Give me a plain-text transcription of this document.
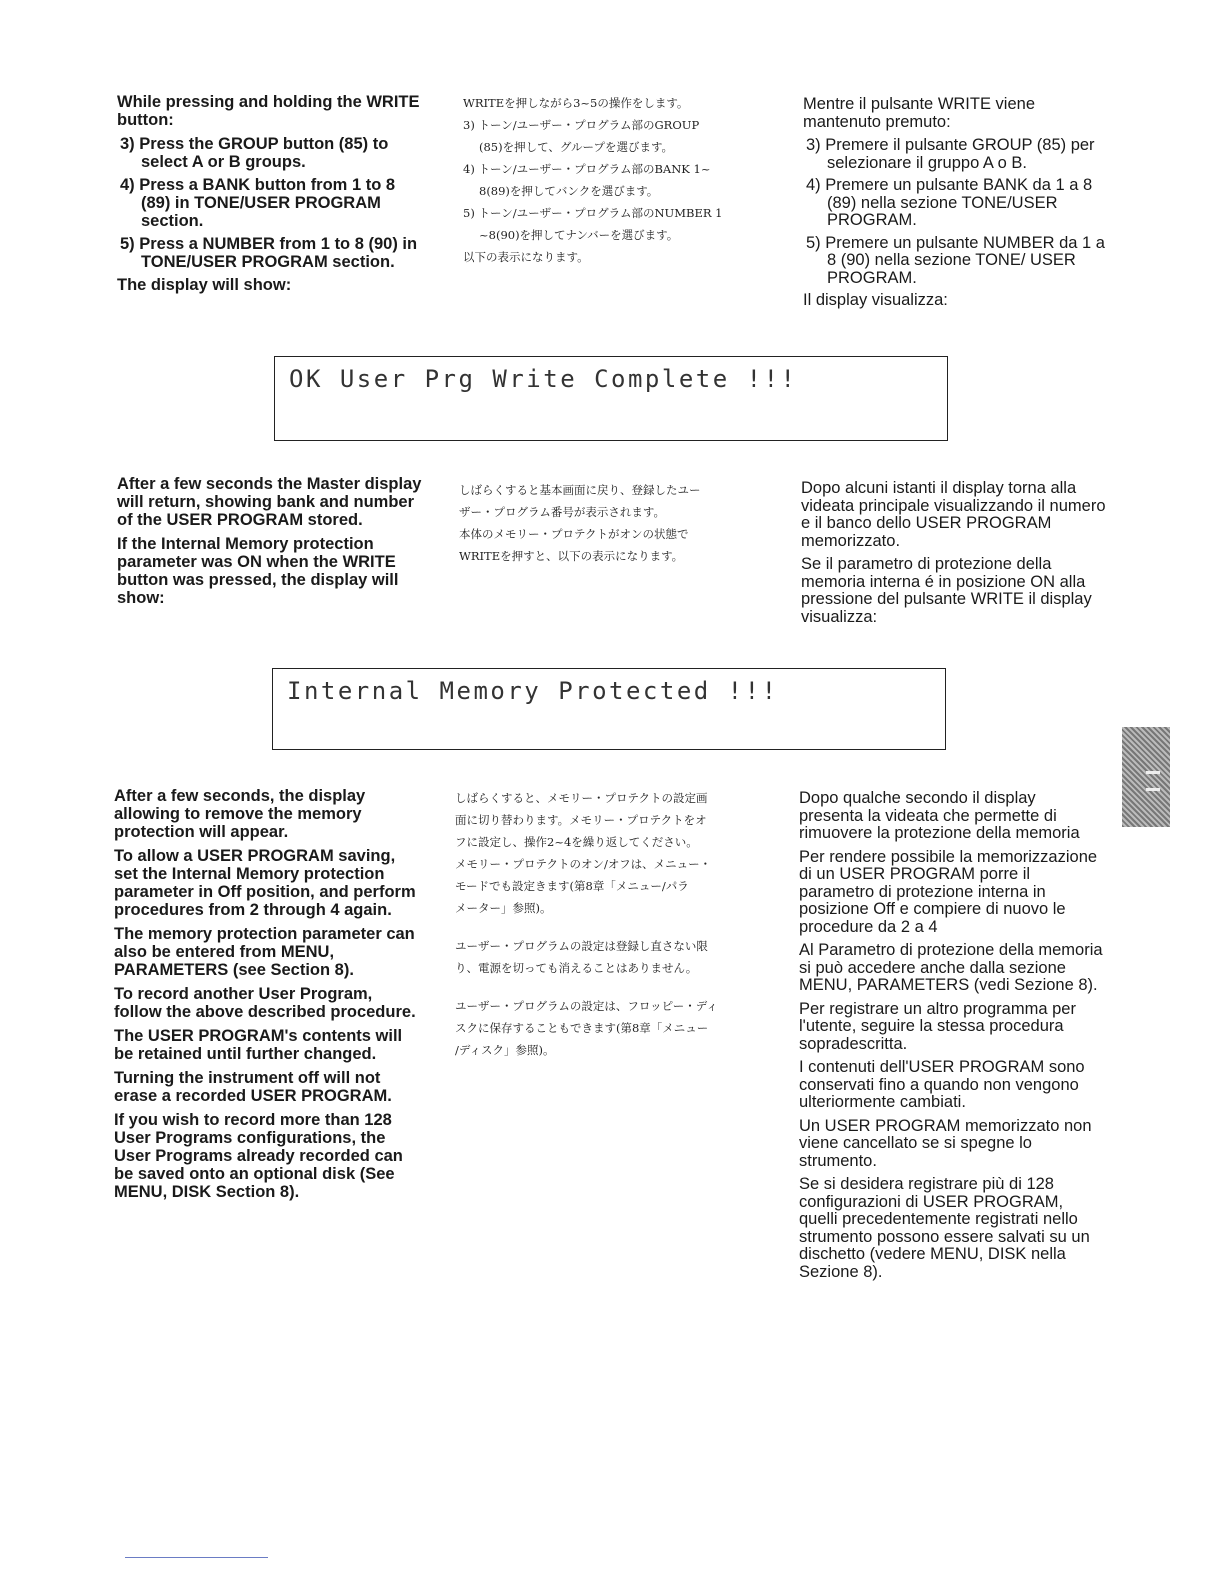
While pressing and holding the WRITE button:

3) Press the GROUP button (85) to select A or B groups.

4) Press a BANK button from 1 to 8 (89) in TONE/USER PROGRAM section.

5) Press a NUMBER from 1 to 8 (90) in TONE/USER PROGRAM section.

The display will show:

WRITEを押しながら3~5の操作をします。
3) トーン/ユーザー・プログラム部のGROUP
(85)を押して、グループを選びます。
4) トーン/ユーザー・プログラム部のBANK 1~
8(89)を押してバンクを選びます。
5) トーン/ユーザー・プログラム部のNUMBER 1
~8(90)を押してナンバーを選びます。
以下の表示になります。

Mentre il pulsante WRITE viene mantenuto premuto:

3) Premere il pulsante GROUP (85) per selezionare il gruppo A o B.

4) Premere un pulsante BANK da 1 a 8 (89) nella sezione TONE/USER PROGRAM.

5) Premere un pulsante NUMBER da 1 a 8 (90) nella sezione TONE/ USER PROGRAM.

Il display visualizza:

OK User Prg Write Complete !!!

After a few seconds the Master display will return, showing bank and number of the USER PROGRAM stored.

If the Internal Memory protection parameter was ON when the WRITE button was pressed, the display will show:

しばらくすると基本画面に戻り、登録したユー
ザー・プログラム番号が表示されます。
本体のメモリー・プロテクトがオンの状態で
WRITEを押すと、以下の表示になります。

Dopo alcuni istanti il display torna alla videata principale visualizzando il numero e il banco dello USER PROGRAM memorizzato.

Se il parametro di protezione della memoria interna é in posizione ON alla pressione del pulsante WRITE il display visualizza:

Internal Memory Protected !!!

After a few seconds, the display allowing to remove the memory protection will appear.

To allow a USER PROGRAM saving, set the Internal Memory protection parameter in Off position, and perform procedures from 2 through 4 again.

The memory protection parameter can also be entered from MENU, PARAMETERS (see Section 8).

To record another User Program, follow the above described procedure.

The USER PROGRAM's contents will be retained until further changed.

Turning the instrument off will not erase a recorded USER PROGRAM.

If you wish to record more than 128 User Programs configurations, the User Programs already recorded can be saved onto an optional disk (See MENU, DISK Section 8).

しばらくすると、メモリー・プロテクトの設定画
面に切り替わります。メモリー・プロテクトをオ
フに設定し、操作2~4を繰り返してください。
メモリー・プロテクトのオン/オフは、メニュー・
モードでも設定きます(第8章「メニュー/パラ
メーター」参照)。
ユーザー・プログラムの設定は登録し直さない限
り、電源を切っても消えることはありません。
ユーザー・プログラムの設定は、フロッピー・ディ
スクに保存することもできます(第8章「メニュー
/ディスク」参照)。

Dopo qualche secondo il display presenta la videata che permette di rimuovere la protezione della memoria

Per rendere possibile la memorizzazione di un USER PROGRAM porre il parametro di protezione interna in posizione Off e compiere di nuovo le procedure da 2 a 4

Al Parametro di protezione della memoria si può accedere anche dalla sezione MENU, PARAMETERS (vedi Sezione 8).

Per registrare un altro programma per l'utente, seguire la stessa procedura sopradescritta.

I contenuti dell'USER PROGRAM sono conservati fino a quando non vengono ulteriormente cambiati.

Un USER PROGRAM memorizzato non viene cancellato se si spegne lo strumento.

Se si desidera registrare più di 128 configurazioni di USER PROGRAM, quelli precedentemente registrati nello strumento possono essere salvati su un dischetto (vedere MENU, DISK nella Sezione 8).
